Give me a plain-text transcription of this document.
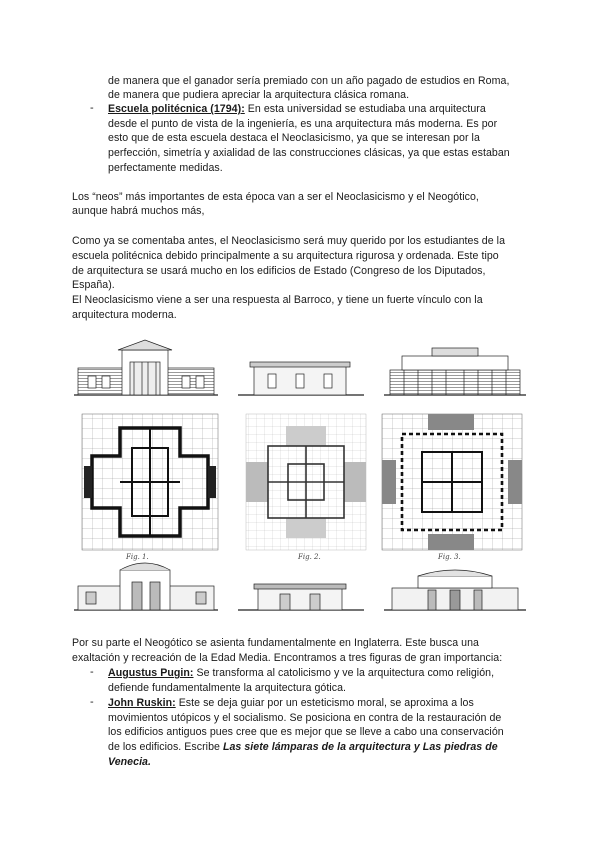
de manera que el ganador sería premiado con un año pagado de estudios en Roma,
de manera que pudiera apreciar la arquitectura clásica romana.
- Escuela politécnica (1794): En esta universidad se estudiaba una arquitectura
desde el punto de vista de la ingeniería, es una arquitectura más moderna. Es por
esto que de esta escuela destaca el Neoclasicismo, ya que se interesan por la
perfección, simetría y axialidad de las construcciones clásicas, ya que estas estaban
perfectamente medidas.
Los “neos” más importantes de esta época van a ser el Neoclasicismo y el Neogótico,
aunque habrá muchos más,
Como ya se comentaba antes, el Neoclasicismo será muy querido por los estudiantes de la
escuela politécnica debido principalmente a su arquitectura rigurosa y ordenada. Este tipo
de arquitectura se usará mucho en los edificios de Estado (Congreso de los Diputados,
España).
El Neoclasicismo viene a ser una respuesta al Barroco, y tiene un fuerte vínculo con la
arquitectura moderna.
Fig. 1.	Fig. 2.	Fig. 3.
Por su parte el Neogótico se asienta fundamentalmente en Inglaterra. Este busca una
exaltación y recreación de la Edad Media. Encontramos a tres figuras de gran importancia:
- Augustus Pugin: Se transforma al catolicismo y ve la arquitectura como religión,
defiende fundamentalmente la arquitectura gótica.
- John Ruskin: Este se deja guiar por un esteticismo moral, se aproxima a los
movimientos utópicos y el socialismo. Se posiciona en contra de la restauración de
los edificios antiguos pues cree que es mejor que se lleve a cabo una conservación
de los edificios. Escribe Las siete lámparas de la arquitectura y Las piedras de
Venecia.
